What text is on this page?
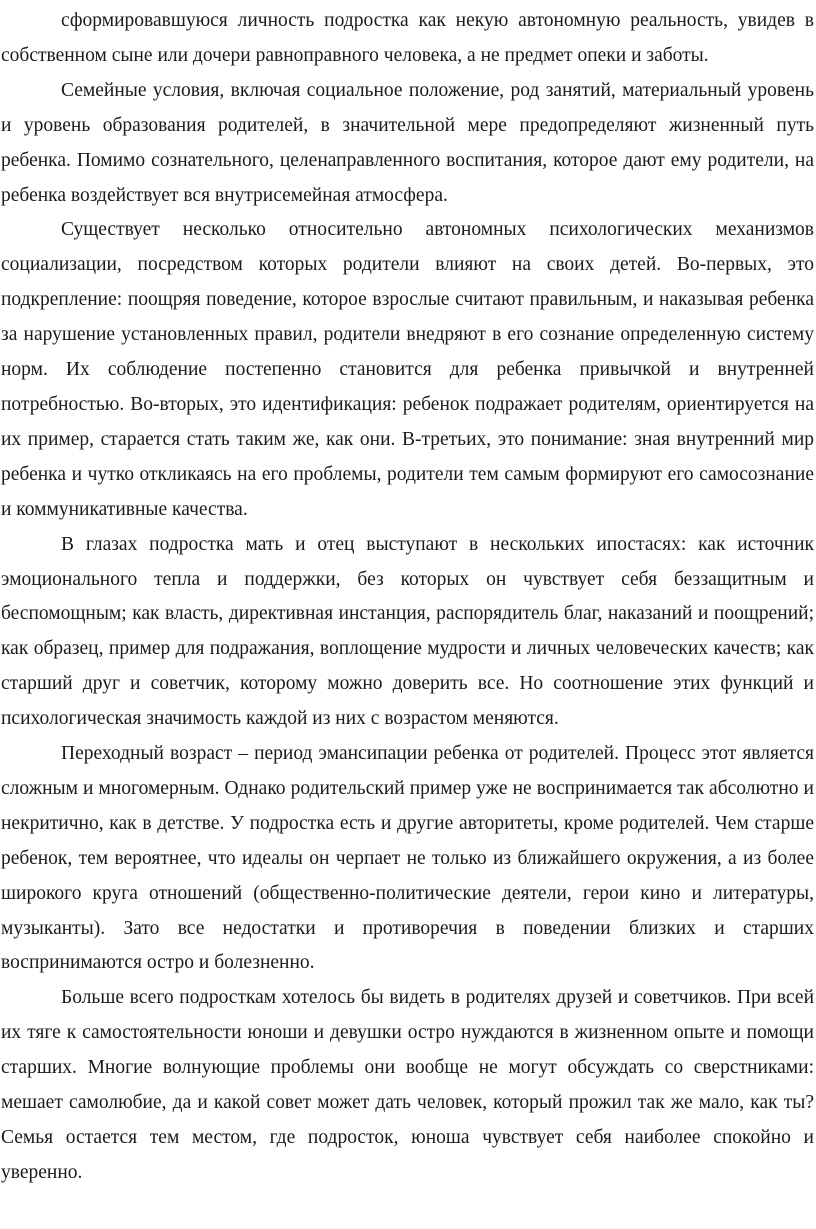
сформировавшуюся личность подростка как некую автономную реальность, увидев в собственном сыне или дочери равноправного человека, а не предмет опеки и заботы.

Семейные условия, включая социальное положение, род занятий, материальный уровень и уровень образования родителей, в значительной мере предопределяют жизненный путь ребенка. Помимо сознательного, целенаправленного воспитания, которое дают ему родители, на ребенка воздействует вся внутрисемейная атмосфера.

Существует несколько относительно автономных психологических механизмов социализации, посредством которых родители влияют на своих детей. Во-первых, это подкрепление: поощряя поведение, которое взрослые считают правильным, и наказывая ребенка за нарушение установленных правил, родители внедряют в его сознание определенную систему норм. Их соблюдение постепенно становится для ребенка привычкой и внутренней потребностью. Во-вторых, это идентификация: ребенок подражает родителям, ориентируется на их пример, старается стать таким же, как они. В-третьих, это понимание: зная внутренний мир ребенка и чутко откликаясь на его проблемы, родители тем самым формируют его самосознание и коммуникативные качества.

В глазах подростка мать и отец выступают в нескольких ипостасях: как источник эмоционального тепла и поддержки, без которых он чувствует себя беззащитным и беспомощным; как власть, директивная инстанция, распорядитель благ, наказаний и поощрений; как образец, пример для подражания, воплощение мудрости и личных человеческих качеств; как старший друг и советчик, которому можно доверить все. Но соотношение этих функций и психологическая значимость каждой из них с возрастом меняются.

Переходный возраст – период эмансипации ребенка от родителей. Процесс этот является сложным и многомерным. Однако родительский пример уже не воспринимается так абсолютно и некритично, как в детстве. У подростка есть и другие авторитеты, кроме родителей. Чем старше ребенок, тем вероятнее, что идеалы он черпает не только из ближайшего окружения, а из более широкого круга отношений (общественно-политические деятели, герои кино и литературы, музыканты). Зато все недостатки и противоречия в поведении близких и старших воспринимаются остро и болезненно.

Больше всего подросткам хотелось бы видеть в родителях друзей и советчиков. При всей их тяге к самостоятельности юноши и девушки остро нуждаются в жизненном опыте и помощи старших. Многие волнующие проблемы они вообще не могут обсуждать со сверстниками: мешает самолюбие, да и какой совет может дать человек, который прожил так же мало, как ты? Семья остается тем местом, где подросток, юноша чувствует себя наиболее спокойно и уверенно.
